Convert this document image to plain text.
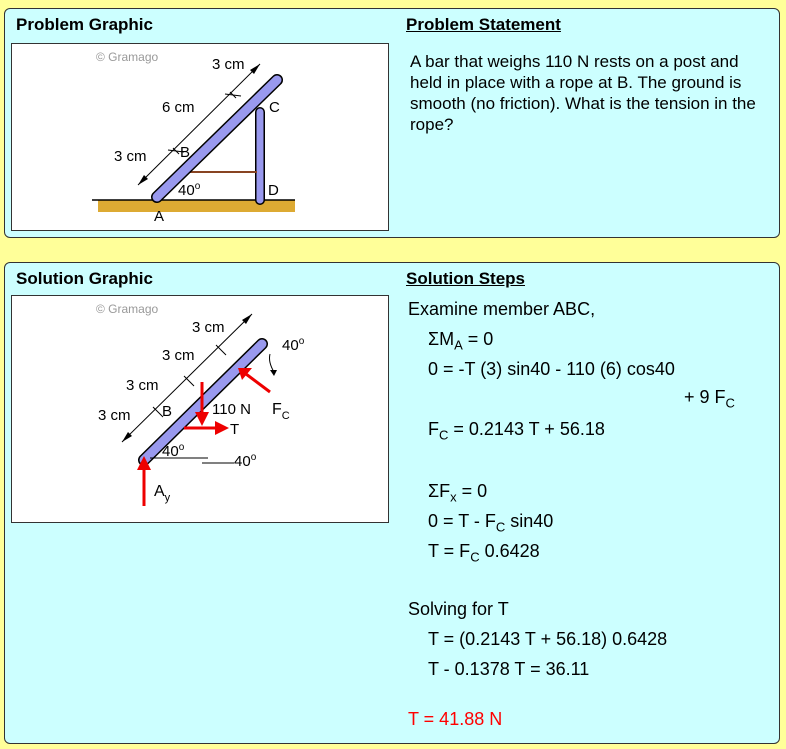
Problem Graphic	Problem Statement
© Gramago	3 cm
6 cm
3 cm B
C
A
D
40$^o$

A bar that weighs 110 N rests on a post and held in place with a rope at B. The ground is smooth (no friction). What is the tension in the rope?

Solution Graphic	Solution Steps
© Gramago
3 cm
3 cm
3 cm
3 cm B	110 N
T
$F_C$
$A_y$
40$^o$
40$^o$
40$^o$

Examine member ABC,

$\Sigma M_A = 0$

0 = -T (3) sin40 - 110 (6) cos40

+ 9 $F_C$

$F_C = 0.2143$ T + 56.18

$\Sigma F_x = 0$

$0 = T - F_C$ sin40

$T = F_C$ 0.6428

Solving for T

T = (0.2143 T + 56.18) 0.6428

T - 0.1378 T = 36.11

T = 41.88 N
